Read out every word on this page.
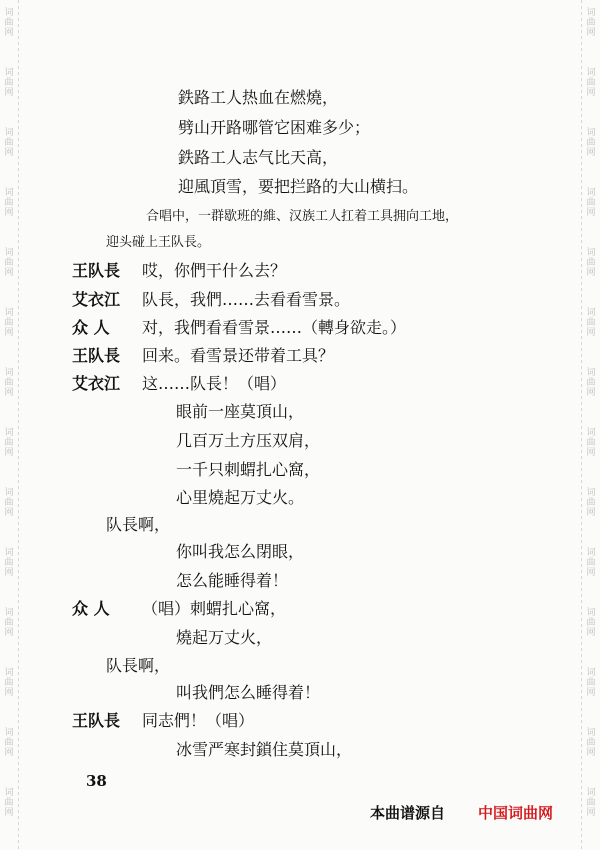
词
曲
网
词
曲
网
词
曲
网
词
曲
网
词
曲
网
词
曲
网
词
曲
网
词
曲
网
词
曲
网
词
曲
网
词
曲
网
词
曲
网
词
曲
网
词
曲
网
词
曲
网
词
曲
网
词
曲
网
词
曲
网
词
曲
网
词
曲
网
词
曲
网
词
曲
网
词
曲
网
词
曲
网
词
曲
网
词
曲
网
词
曲
网
词
曲
网
鉄路工人热血在燃燒，
劈山开路哪管它困难多少；
鉄路工人志气比天高，
迎風頂雪，要把拦路的大山横扫。
合唱中，一群歇班的維、汉族工人扛着工具拥向工地，
迎头碰上王队長。
王队長 哎，你們干什么去？
艾衣江 队長，我們……去看看雪景。
众 人 对，我們看看雪景……（轉身欲走。）
王队長 回来。看雪景还带着工具？
艾衣江 这……队長！（唱）
眼前一座莫頂山，
几百万土方压双肩，
一千只刺蝟扎心窩，
心里燒起万丈火。
队長啊，
你叫我怎么閉眼，
怎么能睡得着！
众 人 （唱）刺蝟扎心窩，
燒起万丈火，
队長啊，
叫我們怎么睡得着！
王队長 同志們！（唱）
冰雪严寒封鎖住莫頂山，
38
本曲谱源自 中国词曲网
